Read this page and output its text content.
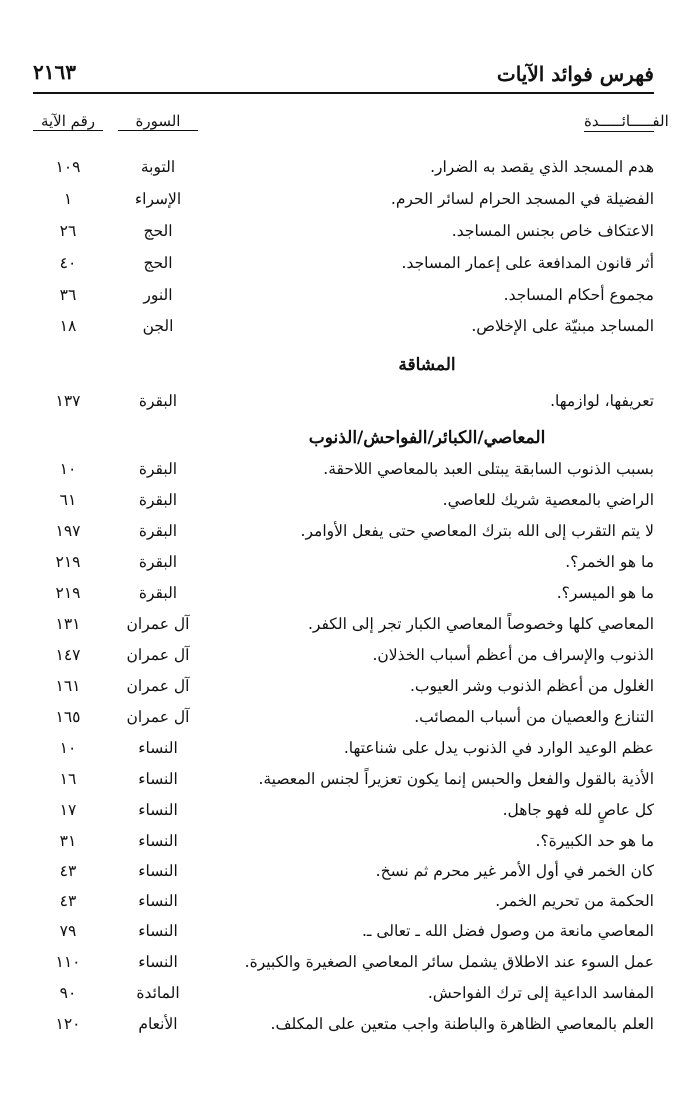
فهرس فوائد الآيات
٢١٦٣
الفـــــائـــــدة
السورة
رقم الآية
هدم المسجد الذي يقصد به الضرار.
التوبة
١٠٩
الفضيلة في المسجد الحرام لسائر الحرم.
الإسراء
١
الاعتكاف خاص بجنس المساجد.
الحج
٢٦
أثر قانون المدافعة على إعمار المساجد.
الحج
٤٠
مجموع أحكام المساجد.
النور
٣٦
المساجد مبنيّة على الإخلاص.
الجن
١٨
المشاقة
تعريفها، لوازمها.
البقرة
١٣٧
المعاصي/الكبائر/الفواحش/الذنوب
بسبب الذنوب السابقة يبتلى العبد بالمعاصي اللاحقة.
البقرة
١٠
الراضي بالمعصية شريك للعاصي.
البقرة
٦١
لا يتم التقرب إلى الله بترك المعاصي حتى يفعل الأوامر.
البقرة
١٩٧
ما هو الخمر؟.
البقرة
٢١٩
ما هو الميسر؟.
البقرة
٢١٩
المعاصي كلها وخصوصاً المعاصي الكبار تجر إلى الكفر.
آل عمران
١٣١
الذنوب والإسراف من أعظم أسباب الخذلان.
آل عمران
١٤٧
الغلول من أعظم الذنوب وشر العيوب.
آل عمران
١٦١
التنازع والعصيان من أسباب المصائب.
آل عمران
١٦٥
عظم الوعيد الوارد في الذنوب يدل على شناعتها.
النساء
١٠
الأذية بالقول والفعل والحبس إنما يكون تعزيراً لجنس المعصية.
النساء
١٦
كل عاصٍ لله فهو جاهل.
النساء
١٧
ما هو حد الكبيرة؟.
النساء
٣١
كان الخمر في أول الأمر غير محرم ثم نسخ.
النساء
٤٣
الحكمة من تحريم الخمر.
النساء
٤٣
المعاصي مانعة من وصول فضل الله ـ تعالى ـ.
النساء
٧٩
عمل السوء عند الاطلاق يشمل سائر المعاصي الصغيرة والكبيرة.
النساء
١١٠
المفاسد الداعية إلى ترك الفواحش.
المائدة
٩٠
العلم بالمعاصي الظاهرة والباطنة واجب متعين على المكلف.
الأنعام
١٢٠
